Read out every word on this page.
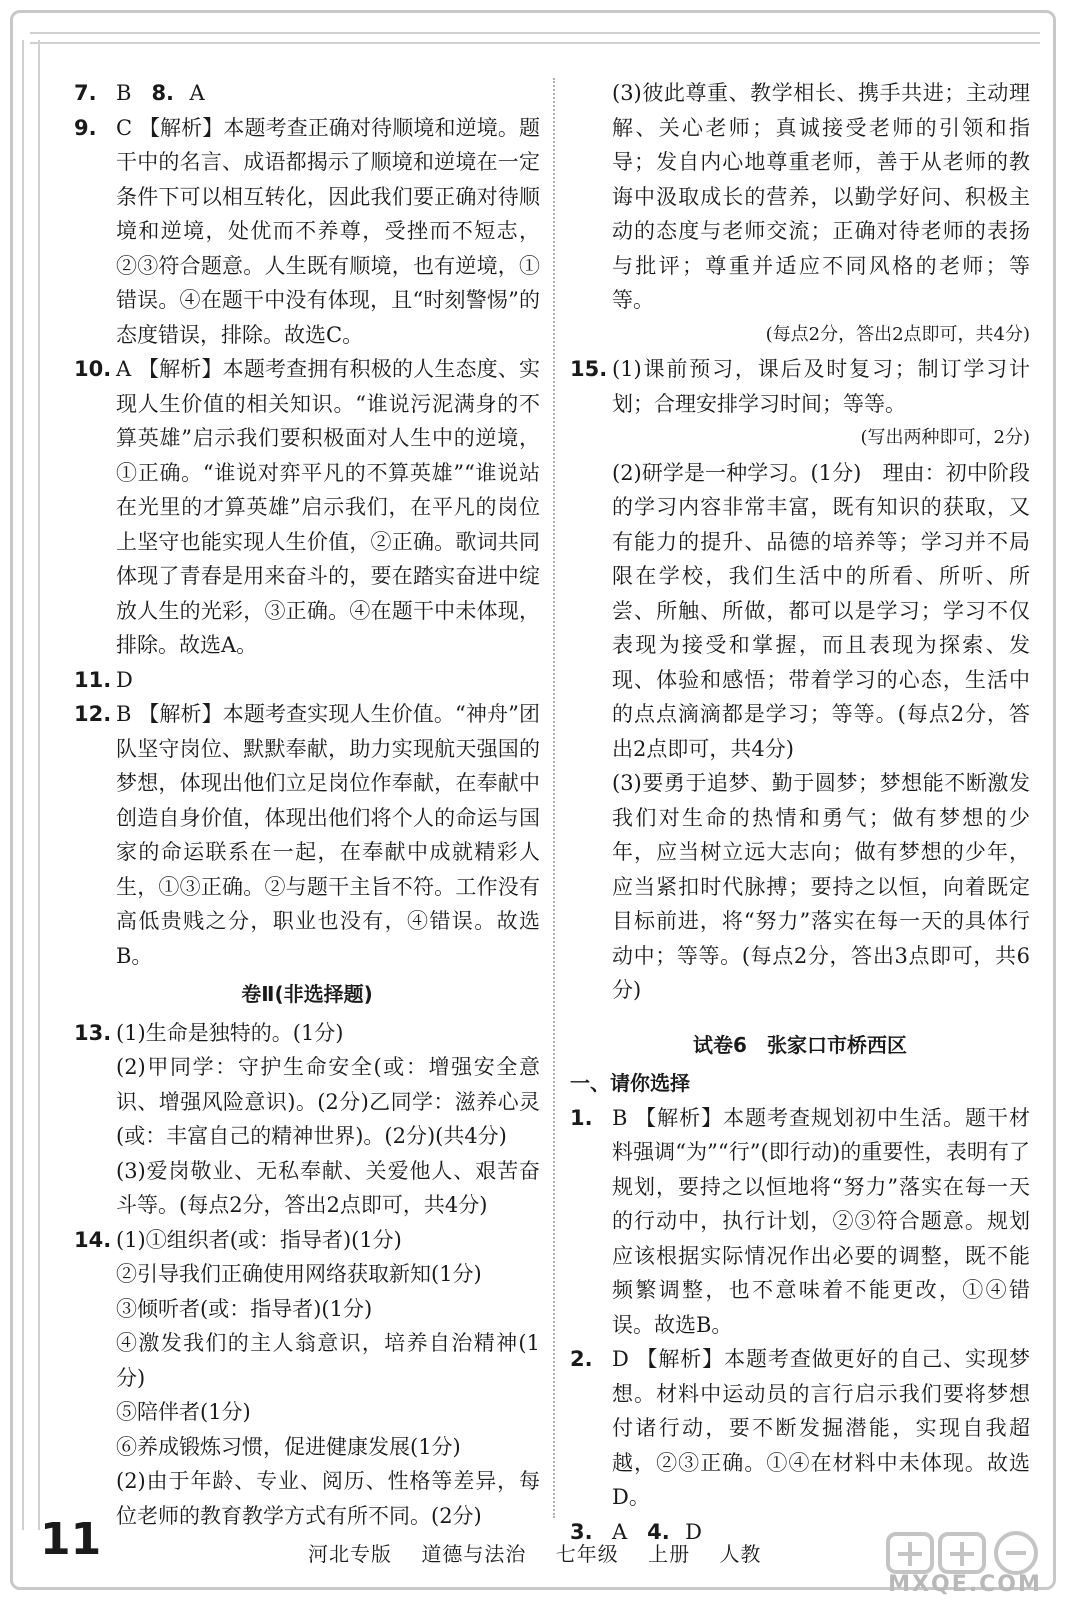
7. B 8. A
9. C 【解析】本题考查正确对待顺境和逆境。题干中的名言、成语都揭示了顺境和逆境在一定条件下可以相互转化，因此我们要正确对待顺境和逆境，处优而不养尊，受挫而不短志，②③符合题意。人生既有顺境，也有逆境，①错误。④在题干中没有体现，且“时刻警惕”的态度错误，排除。故选C。
10. A 【解析】本题考查拥有积极的人生态度、实现人生价值的相关知识。“谁说污泥满身的不算英雄”启示我们要积极面对人生中的逆境，①正确。“谁说对弈平凡的不算英雄”“谁说站在光里的才算英雄”启示我们，在平凡的岗位上坚守也能实现人生价值，②正确。歌词共同体现了青春是用来奋斗的，要在踏实奋进中绽放人生的光彩，③正确。④在题干中未体现，排除。故选A。
11. D
12. B 【解析】本题考查实现人生价值。“神舟”团队坚守岗位、默默奉献，助力实现航天强国的梦想，体现出他们立足岗位作奉献，在奉献中创造自身价值，体现出他们将个人的命运与国家的命运联系在一起，在奉献中成就精彩人生，①③正确。②与题干主旨不符。工作没有高低贵贱之分，职业也没有，④错误。故选B。
卷Ⅱ(非选择题)
13. (1)生命是独特的。(1分)
(2)甲同学：守护生命安全(或：增强安全意识、增强风险意识)。(2分)乙同学：滋养心灵(或：丰富自己的精神世界)。(2分)(共4分)
(3)爱岗敬业、无私奉献、关爱他人、艰苦奋斗等。(每点2分，答出2点即可，共4分)
14. (1)①组织者(或：指导者)(1分)
②引导我们正确使用网络获取新知(1分)
③倾听者(或：指导者)(1分)
④激发我们的主人翁意识，培养自治精神(1分)
⑤陪伴者(1分)
⑥养成锻炼习惯，促进健康发展(1分)
(2)由于年龄、专业、阅历、性格等差异，每位老师的教育教学方式有所不同。(2分)
(3)彼此尊重、教学相长、携手共进；主动理解、关心老师；真诚接受老师的引领和指导；发自内心地尊重老师，善于从老师的教诲中汲取成长的营养，以勤学好问、积极主动的态度与老师交流；正确对待老师的表扬与批评；尊重并适应不同风格的老师；等等。
(每点2分，答出2点即可，共4分)
15. (1)课前预习，课后及时复习；制订学习计划；合理安排学习时间；等等。
(写出两种即可，2分)
(2)研学是一种学习。(1分)　理由：初中阶段的学习内容非常丰富，既有知识的获取，又有能力的提升、品德的培养等；学习并不局限在学校，我们生活中的所看、所听、所尝、所触、所做，都可以是学习；学习不仅表现为接受和掌握，而且表现为探索、发现、体验和感悟；带着学习的心态，生活中的点点滴滴都是学习；等等。(每点2分，答出2点即可，共4分)
(3)要勇于追梦、勤于圆梦；梦想能不断激发我们对生命的热情和勇气；做有梦想的少年，应当树立远大志向；做有梦想的少年，应当紧扣时代脉搏；要持之以恒，向着既定目标前进，将“努力”落实在每一天的具体行动中；等等。(每点2分，答出3点即可，共6分)
试卷6　张家口市桥西区
一、请你选择
1. B 【解析】本题考查规划初中生活。题干材料强调“为”“行”(即行动)的重要性，表明有了规划，要持之以恒地将“努力”落实在每一天的行动中，执行计划，②③符合题意。规划应该根据实际情况作出必要的调整，既不能频繁调整，也不意味着不能更改，①④错误。故选B。
2. D 【解析】本题考查做更好的自己、实现梦想。材料中运动员的言行启示我们要将梦想付诸行动，要不断发掘潜能，实现自我超越，②③正确。①④在材料中未体现。故选D。
3. A 4. D
11	河北专版 道德与法治 七年级 上册 人教
MXQE.COM
